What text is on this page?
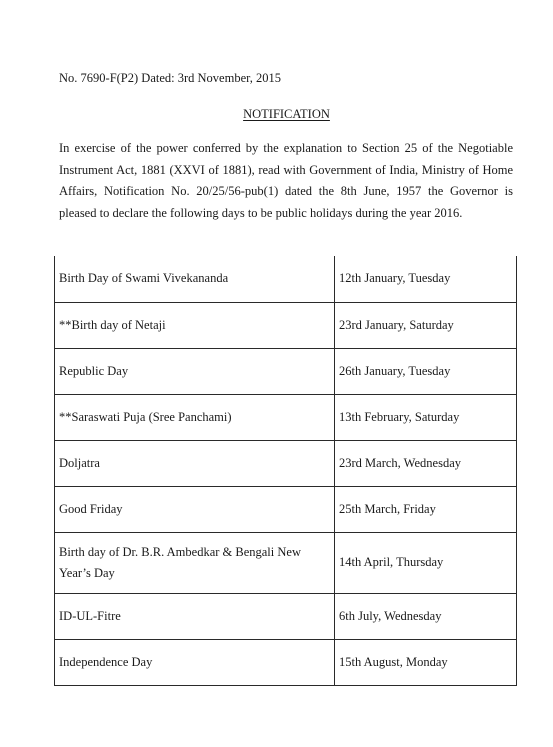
No. 7690-F(P2) Dated: 3rd November, 2015
NOTIFICATION
In exercise of the power conferred by the explanation to Section 25 of the Negotiable Instrument Act, 1881 (XXVI of 1881), read with Government of India, Ministry of Home Affairs, Notification No. 20/25/56-pub(1) dated the 8th June, 1957 the Governor is pleased to declare the following days to be public holidays during the year 2016.
Birth Day of Swami Vivekananda	12th January, Tuesday
**Birth day of Netaji	23rd January, Saturday
Republic Day	26th January, Tuesday
**Saraswati Puja (Sree Panchami)	13th February, Saturday
Doljatra	23rd March, Wednesday
Good Friday	25th March, Friday
Birth day of Dr. B.R. Ambedkar & Bengali New Year’s Day	14th April, Thursday
ID-UL-Fitre	6th July, Wednesday
Independence Day	15th August, Monday
